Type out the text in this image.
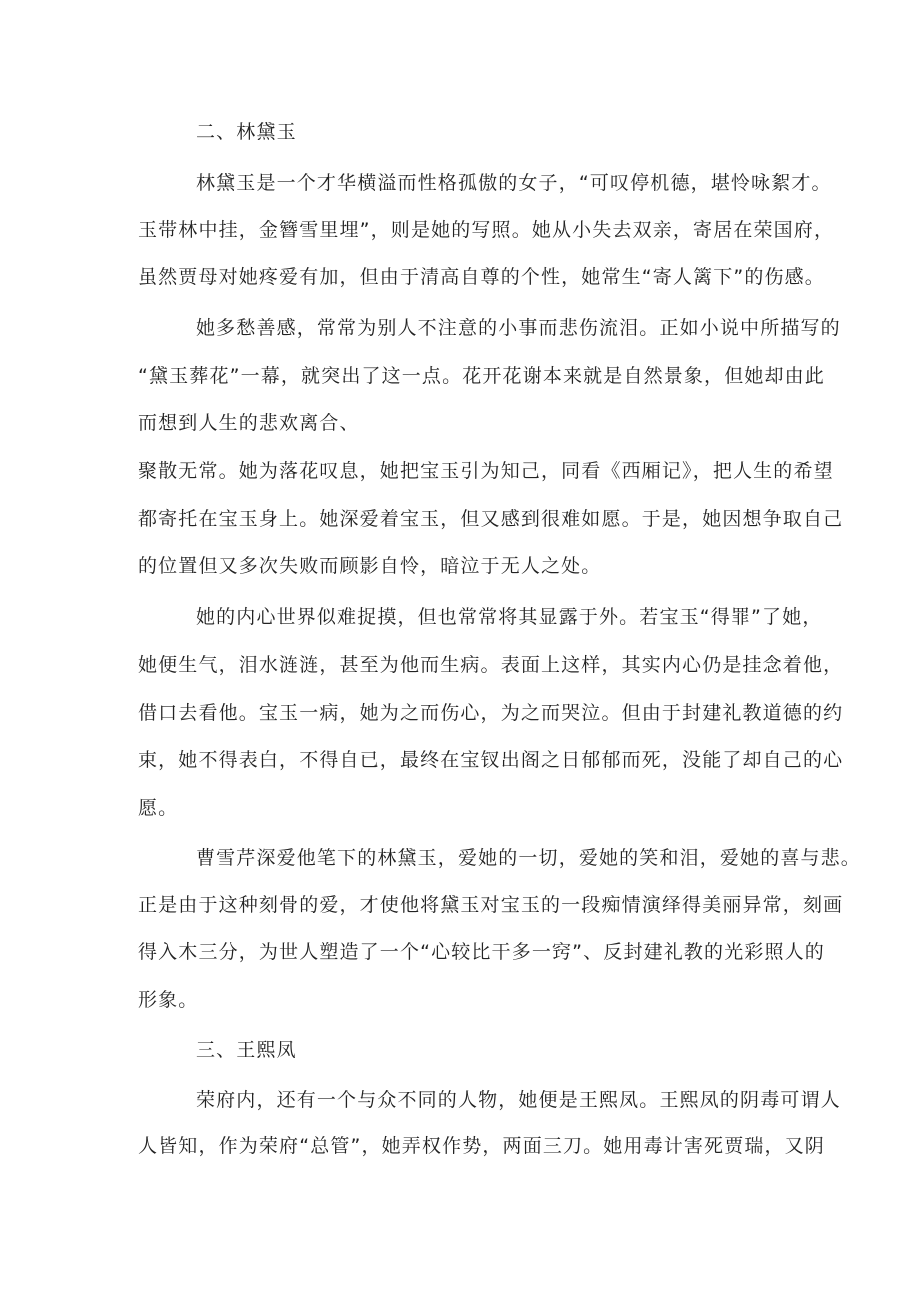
二、林黛玉
林黛玉是一个才华横溢而性格孤傲的女子，“可叹停机德，堪怜咏絮才。
玉带林中挂，金簪雪里埋”，则是她的写照。她从小失去双亲，寄居在荣国府，
虽然贾母对她疼爱有加，但由于清高自尊的个性，她常生“寄人篱下”的伤感。
她多愁善感，常常为别人不注意的小事而悲伤流泪。正如小说中所描写的
“黛玉葬花”一幕，就突出了这一点。花开花谢本来就是自然景象，但她却由此
而想到人生的悲欢离合、
聚散无常。她为落花叹息，她把宝玉引为知己，同看《西厢记》，把人生的希望
都寄托在宝玉身上。她深爱着宝玉，但又感到很难如愿。于是，她因想争取自己
的位置但又多次失败而顾影自怜，暗泣于无人之处。
她的内心世界似难捉摸，但也常常将其显露于外。若宝玉“得罪”了她，
她便生气，泪水涟涟，甚至为他而生病。表面上这样，其实内心仍是挂念着他，
借口去看他。宝玉一病，她为之而伤心，为之而哭泣。但由于封建礼教道德的约
束，她不得表白，不得自已，最终在宝钗出阁之日郁郁而死，没能了却自己的心
愿。
曹雪芹深爱他笔下的林黛玉，爱她的一切，爱她的笑和泪，爱她的喜与悲。
正是由于这种刻骨的爱，才使他将黛玉对宝玉的一段痴情演绎得美丽异常，刻画
得入木三分，为世人塑造了一个“心较比干多一窍”、反封建礼教的光彩照人的
形象。
三、王熙凤
荣府内，还有一个与众不同的人物，她便是王熙凤。王熙凤的阴毒可谓人
人皆知，作为荣府“总管”，她弄权作势，两面三刀。她用毒计害死贾瑞，又阴
